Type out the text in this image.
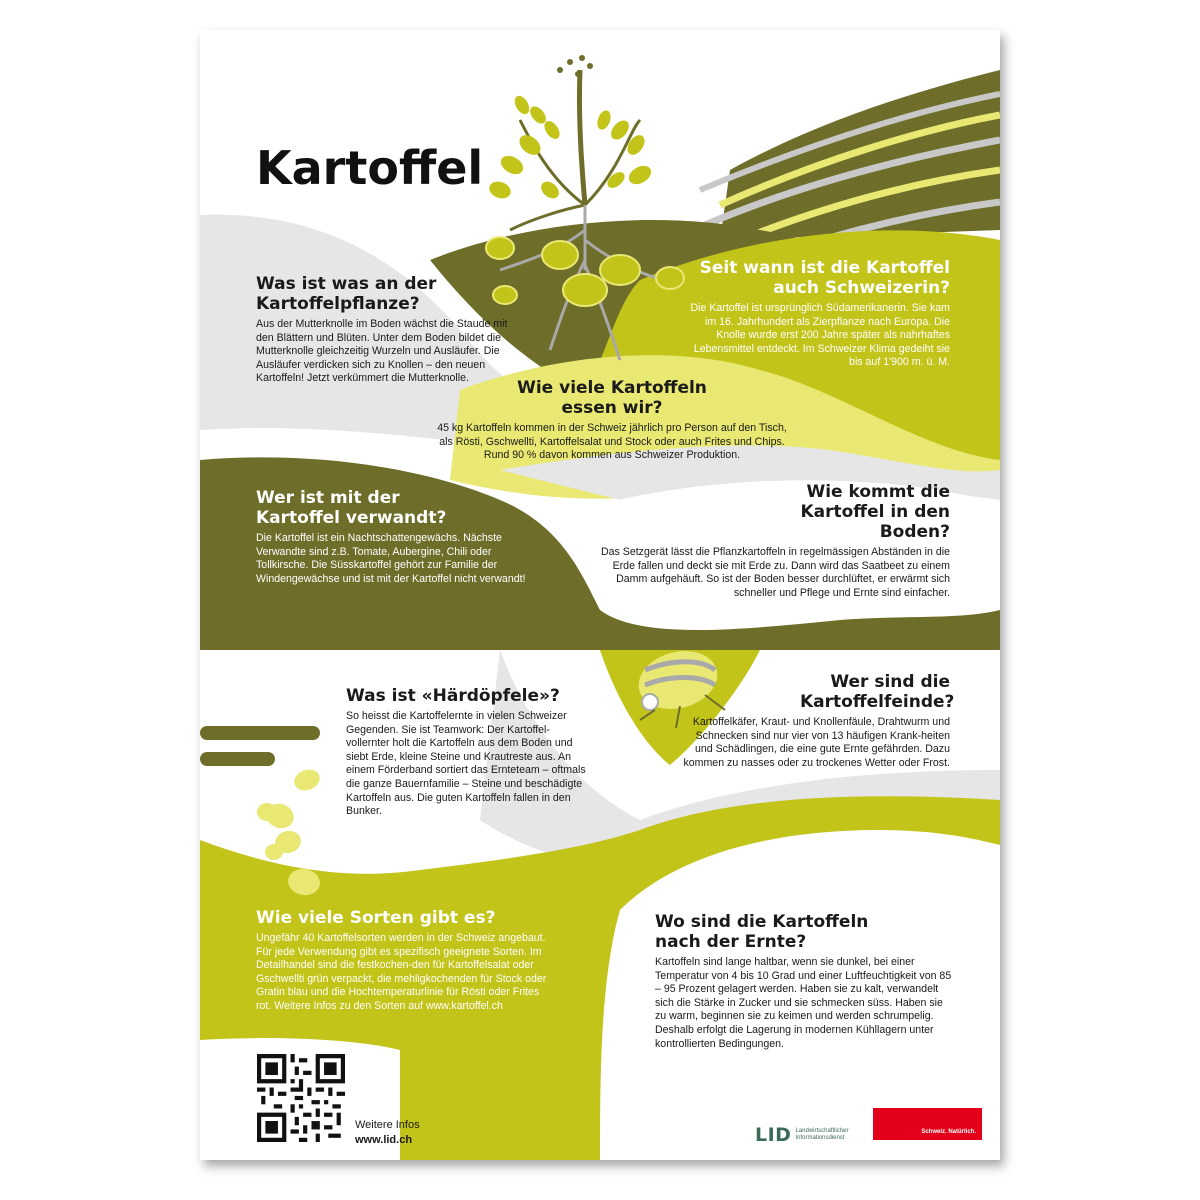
Kartoffel
Was ist was an der Kartoffelpflanze?

Aus der Mutterknolle im Boden wächst die Staude mit den Blättern und Blüten. Unter dem Boden bildet die Mutterknolle gleichzeitig Wurzeln und Ausläufer. Die Ausläufer verdicken sich zu Knollen – den neuen Kartoffeln! Jetzt verkümmert die Mutterknolle.

Seit wann ist die Kartoffel auch Schweizerin?

Die Kartoffel ist ursprünglich Südamerikanerin. Sie kam im 16. Jahrhundert als Zierpflanze nach Europa. Die Knolle wurde erst 200 Jahre später als nahrhaftes Lebensmittel entdeckt. Im Schweizer Klima gedeiht sie bis auf 1'900 m. ü. M.

Wie viele Kartoffeln essen wir?

45 kg Kartoffeln kommen in der Schweiz jährlich pro Person auf den Tisch, als Rösti, Gschwellti, Kartoffelsalat und Stock oder auch Frites und Chips. Rund 90 % davon kommen aus Schweizer Produktion.

Wer ist mit der Kartoffel verwandt?

Die Kartoffel ist ein Nachtschattengewächs. Nächste Verwandte sind z.B. Tomate, Aubergine, Chili oder Tollkirsche. Die Süsskartoffel gehört zur Familie der Windengewächse und ist mit der Kartoffel nicht verwandt!

Wie kommt die Kartoffel in den Boden?

Das Setzgerät lässt die Pflanzkartoffeln in regelmässigen Abständen in die Erde fallen und deckt sie mit Erde zu. Dann wird das Saatbeet zu einem Damm aufgehäuft. So ist der Boden besser durchlüftet, er erwärmt sich schneller und Pflege und Ernte sind einfacher.

Was ist «Härdöpfele»?

So heisst die Kartoffelernte in vielen Schweizer Gegenden. Sie ist Teamwork: Der Kartoffel-vollernter holt die Kartoffeln aus dem Boden und siebt Erde, kleine Steine und Krautreste aus. An einem Förderband sortiert das Ernteteam – oftmals die ganze Bauernfamilie – Steine und beschädigte Kartoffeln aus. Die guten Kartoffeln fallen in den Bunker.

Wer sind die Kartoffelfeinde?

Kartoffelkäfer, Kraut- und Knollenfäule, Drahtwurm und Schnecken sind nur vier von 13 häufigen Krank-heiten und Schädlingen, die eine gute Ernte gefährden. Dazu kommen zu nasses oder zu trockenes Wetter oder Frost.

Wie viele Sorten gibt es?

Ungefähr 40 Kartoffelsorten werden in der Schweiz angebaut. Für jede Verwendung gibt es spezifisch geeignete Sorten. Im Detailhandel sind die festkochen-den für Kartoffelsalat oder Gschwellti grün verpackt, die mehligkochenden für Stock oder Gratin blau und die Hochtemperaturlinie für Rösti oder Frites rot. Weitere Infos zu den Sorten auf www.kartoffel.ch

Wo sind die Kartoffeln nach der Ernte?

Kartoffeln sind lange haltbar, wenn sie dunkel, bei einer Temperatur von 4 bis 10 Grad und einer Luftfeuchtigkeit von 85 – 95 Prozent gelagert werden. Haben sie zu kalt, verwandelt sich die Stärke in Zucker und sie schmecken süss. Haben sie zu warm, beginnen sie zu keimen und werden schrumpelig. Deshalb erfolgt die Lagerung in modernen Kühllagern unter kontrollierten Bedingungen.

Weitere Infos
www.lid.ch	LID Landwirtschaftlicher Informationsdienst
Schweiz. Natürlich.
